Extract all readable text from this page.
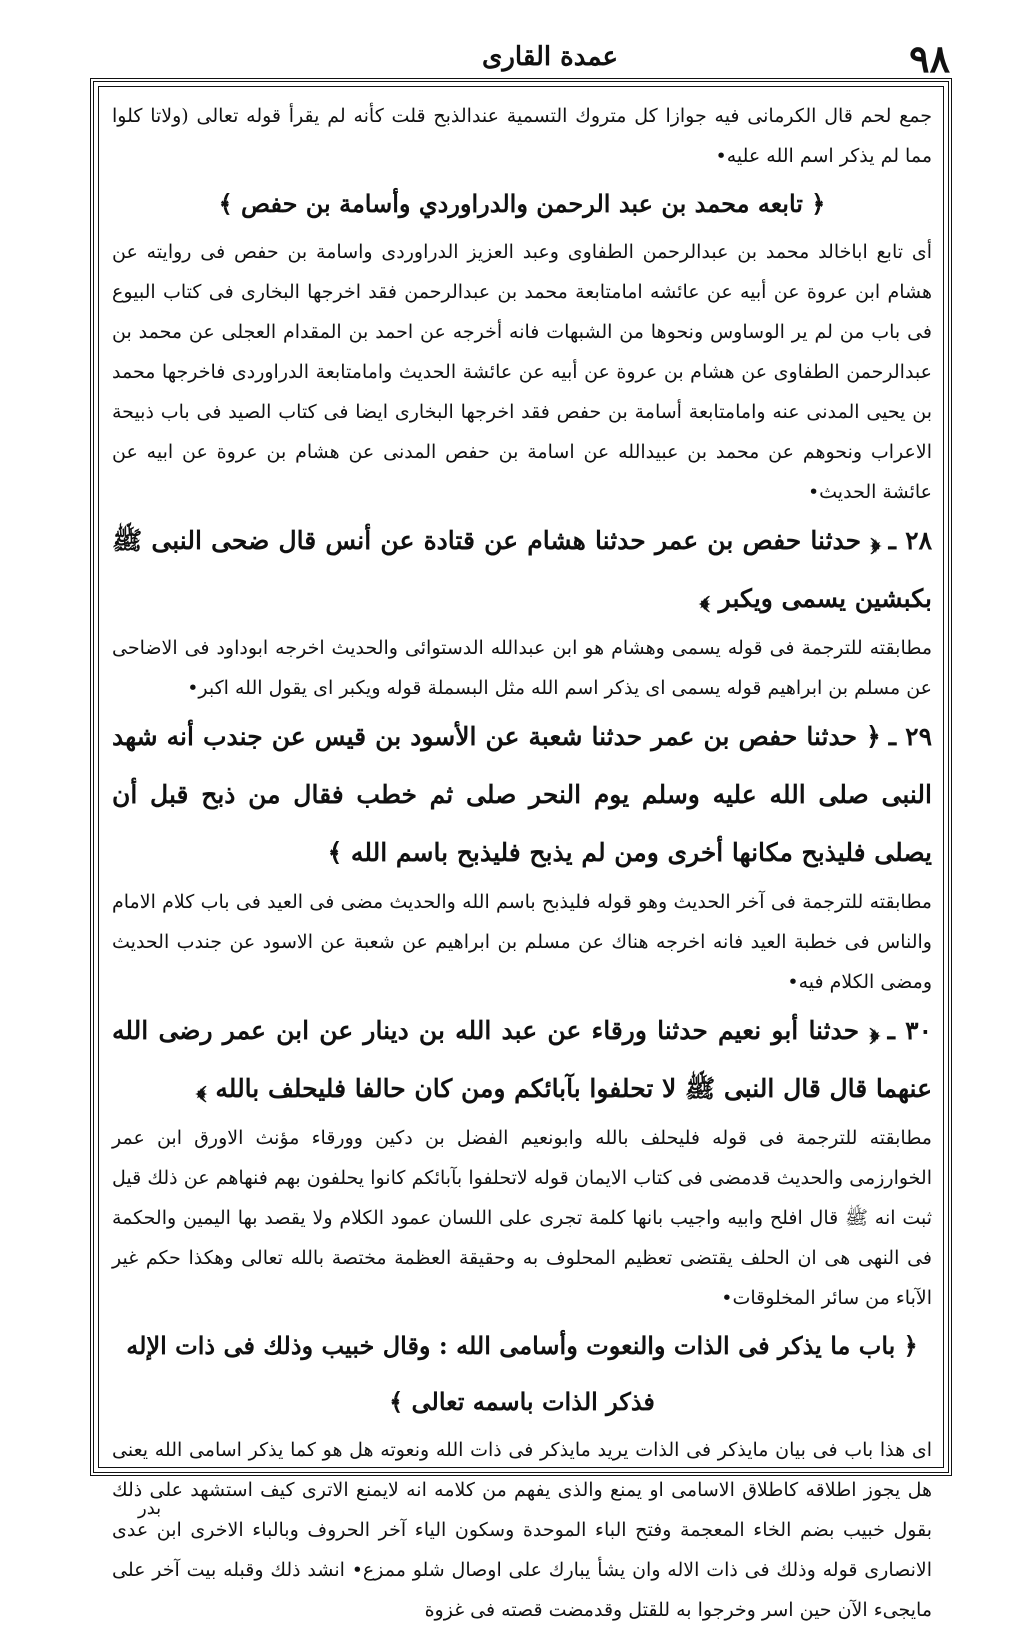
عمدة القارى	٩٨

جمع لحم قال الكرمانى فيه جوازا كل متروك التسمية عندالذبح قلت كأنه لم يقرأ قوله تعالى (ولاتا كلوا مما لم يذكر اسم الله عليه•

﴿ تابعه محمد بن عبد الرحمن والدراوردي وأسامة بن حفص ﴾

أى تابع اباخالد محمد بن عبدالرحمن الطفاوى وعبد العزيز الدراوردى واسامة بن حفص فى روايته عن هشام ابن عروة عن أبيه عن عائشه امامتابعة محمد بن عبدالرحمن فقد اخرجها البخارى فى كتاب البيوع فى باب من لم ير الوساوس ونحوها من الشبهات فانه أخرجه عن احمد بن المقدام العجلى عن محمد بن عبدالرحمن الطفاوى عن هشام بن عروة عن أبيه عن عائشة الحديث وامامتابعة الدراوردى فاخرجها محمد بن يحيى المدنى عنه وامامتابعة أسامة بن حفص فقد اخرجها البخارى ايضا فى كتاب الصيد فى باب ذبيحة الاعراب ونحوهم عن محمد بن عبيدالله عن اسامة بن حفص المدنى عن هشام بن عروة عن ابيه عن عائشة الحديث•

٢٨ ـ﴿ حدثنا حفص بن عمر حدثنا هشام عن قتادة عن أنس قال ضحى النبى ﷺ بكبشين يسمى ويكبر ﴾

مطابقته للترجمة فى قوله يسمى وهشام هو ابن عبدالله الدستوائى والحديث اخرجه ابوداود فى الاضاحى عن مسلم بن ابراهيم قوله يسمى اى يذكر اسم الله مثل البسملة قوله ويكبر اى يقول الله اكبر•

٢٩ ـ﴿ حدثنا حفص بن عمر حدثنا شعبة عن الأسود بن قيس عن جندب أنه شهد النبى صلى الله عليه وسلم يوم النحر صلى ثم خطب فقال من ذبح قبل أن يصلى فليذبح مكانها أخرى ومن لم يذبح فليذبح باسم الله ﴾

مطابقته للترجمة فى آخر الحديث وهو قوله فليذبح باسم الله والحديث مضى فى العيد فى باب كلام الامام والناس فى خطبة العيد فانه اخرجه هناك عن مسلم بن ابراهيم عن شعبة عن الاسود عن جندب الحديث ومضى الكلام فيه•

٣٠ ـ﴿ حدثنا أبو نعيم حدثنا ورقاء عن عبد الله بن دينار عن ابن عمر رضى الله عنهما قال قال النبى ﷺ لا تحلفوا بآبائكم ومن كان حالفا فليحلف بالله ﴾

مطابقته للترجمة فى قوله فليحلف بالله وابونعيم الفضل بن دكين وورقاء مؤنث الاورق ابن عمر الخوارزمى والحديث قدمضى فى كتاب الايمان قوله لاتحلفوا بآبائكم كانوا يحلفون بهم فنهاهم عن ذلك قيل ثبت انه ﷺ قال افلح وابيه واجيب بانها كلمة تجرى على اللسان عمود الكلام ولا يقصد بها اليمين والحكمة فى النهى هى ان الحلف يقتضى تعظيم المحلوف به وحقيقة العظمة مختصة بالله تعالى وهكذا حكم غير الآباء من سائر المخلوقات•

﴿ باب ما يذكر فى الذات والنعوت وأسامى الله : وقال خبيب وذلك فى ذات الإله فذكر الذات باسمه تعالى ﴾

اى هذا باب فى بيان مايذكر فى الذات يريد مايذكر فى ذات الله ونعوته هل هو كما يذكر اسامى الله يعنى هل يجوز اطلاقه كاطلاق الاسامى او يمنع والذى يفهم من كلامه انه لايمنع الاترى كيف استشهد على ذلك بقول خبيب بضم الخاء المعجمة وفتح الباء الموحدة وسكون الياء آخر الحروف وبالباء الاخرى ابن عدى الانصارى قوله وذلك فى ذات الاله وان يشأ يبارك على اوصال شلو ممزع• انشد ذلك وقبله بيت آخر على مايجىء الآن حين اسر وخرجوا به للقتل وقدمضت قصته فى غزوة

بدر
